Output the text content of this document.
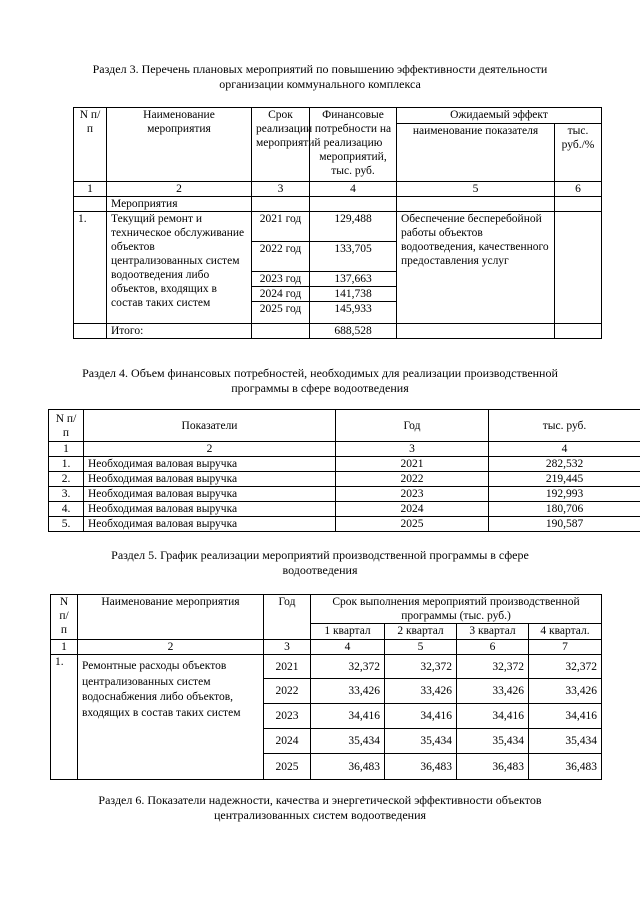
Раздел 3. Перечень плановых мероприятий по повышению эффективности деятельности
организации коммунального комплекса
N п/п	Наименование мероприятия	Срок реализации мероприятий	Финансовые потребности на реализацию мероприятий, тыс. руб.	Ожидаемый эффект	
				наименование показателя	тыс. руб./%
1	2	3	4	5	6
	Мероприятия				
1.	Текущий ремонт и техническое обслуживание объектов централизованных систем водоотведения либо объектов, входящих в состав таких систем	2021 год	129,488	Обеспечение бесперебойной работы объектов водоотведения, качественного предоставления услуг	
		2022 год	133,705		
		2023 год	137,663		
		2024 год	141,738		
		2025 год	145,933		
	Итого:		688,528		
Раздел 4. Объем финансовых потребностей, необходимых для реализации производственной
программы в сфере водоотведения
N п/п	Показатели	Год	тыс. руб.
1	2	3	4
1.	Необходимая валовая выручка	2021	282,532
2.	Необходимая валовая выручка	2022	219,445
3.	Необходимая валовая выручка	2023	192,993
4.	Необходимая валовая выручка	2024	180,706
5.	Необходимая валовая выручка	2025	190,587
Раздел 5. График реализации мероприятий производственной программы в сфере
водоотведения
N п/ п	Наименование мероприятия	Год	Срок выполнения мероприятий производственной программы (тыс. руб.)			
			1 квартал	2 квартал	3 квартал	4 квартал.
1	2	3	4	5	6	7
1.	Ремонтные расходы объектов централизованных систем водоснабжения либо объектов, входящих в состав таких систем	2021	32,372	32,372	32,372	32,372
		2022	33,426	33,426	33,426	33,426
		2023	34,416	34,416	34,416	34,416
		2024	35,434	35,434	35,434	35,434
		2025	36,483	36,483	36,483	36,483
Раздел 6. Показатели надежности, качества и энергетической эффективности объектов
централизованных систем водоотведения
